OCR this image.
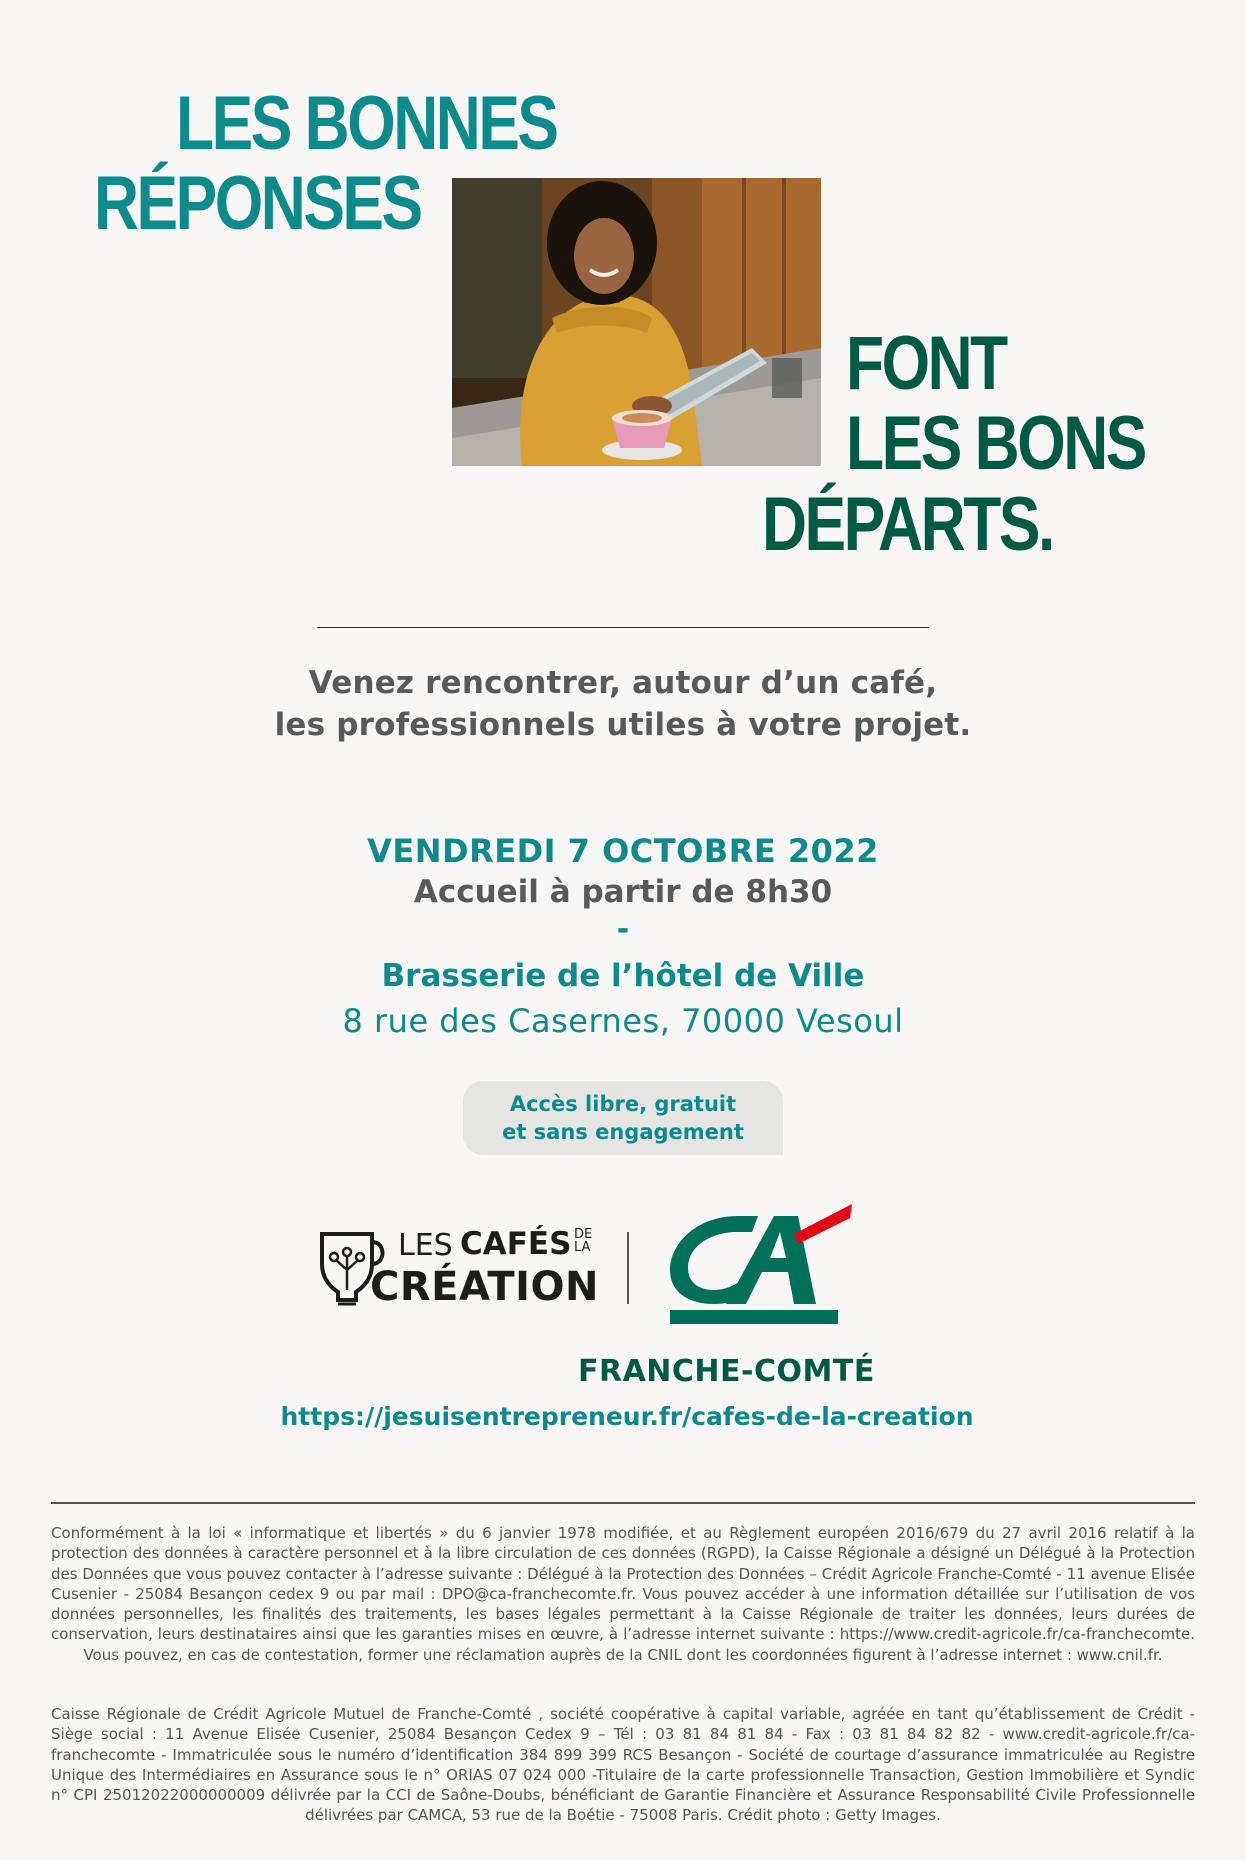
LES BONNES
RÉPONSES
FONT
LES BONS
DÉPARTS.
Venez rencontrer, autour d’un café,
les professionnels utiles à votre projet.
VENDREDI 7 OCTOBRE 2022
Accueil à partir de 8h30
-
Brasserie de l’hôtel de Ville
8 rue des Casernes, 70000 Vesoul
Accès libre, gratuit
et sans engagement
LES CAFÉS DE
LA
CRÉATION
FRANCHE-COMTÉ
https://jesuisentrepreneur.fr/cafes-de-la-creation
Conformément à la loi « informatique et libertés » du 6 janvier 1978 modifiée, et au Règlement européen 2016/679 du 27 avril 2016 relatif à la protection des données à caractère personnel et à la libre circulation de ces données (RGPD), la Caisse Régionale a désigné un Délégué à la Protection des Données que vous pouvez contacter à l’adresse suivante : Délégué à la Protection des Données – Crédit Agricole Franche-Comté - 11 avenue Elisée Cusenier - 25084 Besançon cedex 9 ou par mail : DPO@ca-franchecomte.fr. Vous pouvez accéder à une information détaillée sur l’utilisation de vos données personnelles, les finalités des traitements, les bases légales permettant à la Caisse Régionale de traiter les données, leurs durées de conservation, leurs destinataires ainsi que les garanties mises en œuvre, à l’adresse internet suivante : https://www.credit-agricole.fr/ca-franchecomte. Vous pouvez, en cas de contestation, former une réclamation auprès de la CNIL dont les coordonnées figurent à l’adresse internet : www.cnil.fr.
Caisse Régionale de Crédit Agricole Mutuel de Franche-Comté , société coopérative à capital variable, agréée en tant qu’établissement de Crédit - Siège social : 11 Avenue Elisée Cusenier, 25084 Besançon Cedex 9 – Tél : 03 81 84 81 84 - Fax : 03 81 84 82 82 - www.credit-agricole.fr/ca-franchecomte - Immatriculée sous le numéro d’identification 384 899 399 RCS Besançon - Société de courtage d’assurance immatriculée au Registre Unique des Intermédiaires en Assurance sous le n° ORIAS 07 024 000 -Titulaire de la carte professionnelle Transaction, Gestion Immobilière et Syndic n° CPI 25012022000000009 délivrée par la CCI de Saône-Doubs, bénéficiant de Garantie Financière et Assurance Responsabilité Civile Professionnelle délivrées par CAMCA, 53 rue de la Boétie - 75008 Paris. Crédit photo : Getty Images.
